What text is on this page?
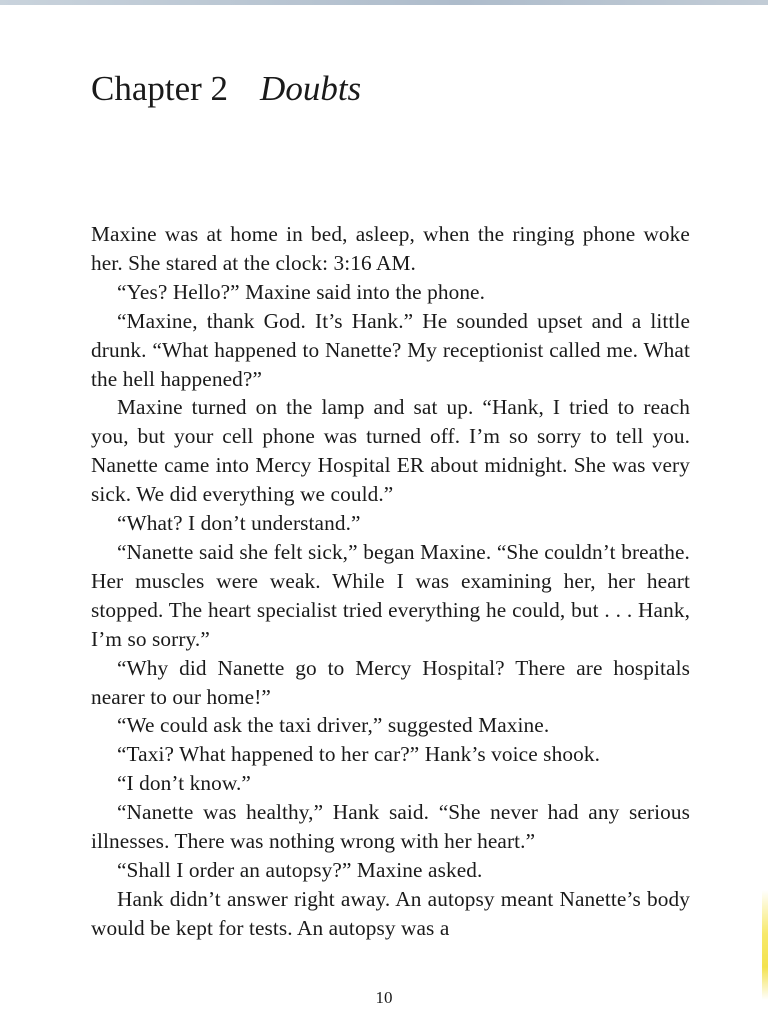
Chapter 2 Doubts

Maxine was at home in bed, asleep, when the ringing phone woke her. She stared at the clock: 3:16 AM.

“Yes? Hello?” Maxine said into the phone.

“Maxine, thank God. It’s Hank.” He sounded upset and a little drunk. “What happened to Nanette? My receptionist called me. What the hell happened?”

Maxine turned on the lamp and sat up. “Hank, I tried to reach you, but your cell phone was turned off. I’m so sorry to tell you. Nanette came into Mercy Hospital ER about midnight. She was very sick. We did everything we could.”

“What? I don’t understand.”

“Nanette said she felt sick,” began Maxine. “She couldn’t breathe. Her muscles were weak. While I was examining her, her heart stopped. The heart specialist tried everything he could, but . . . Hank, I’m so sorry.”

“Why did Nanette go to Mercy Hospital? There are hospitals nearer to our home!”

“We could ask the taxi driver,” suggested Maxine.

“Taxi? What happened to her car?” Hank’s voice shook.

“I don’t know.”

“Nanette was healthy,” Hank said. “She never had any serious illnesses. There was nothing wrong with her heart.”

“Shall I order an autopsy?” Maxine asked.

Hank didn’t answer right away. An autopsy meant Nanette’s body would be kept for tests. An autopsy was a

10
